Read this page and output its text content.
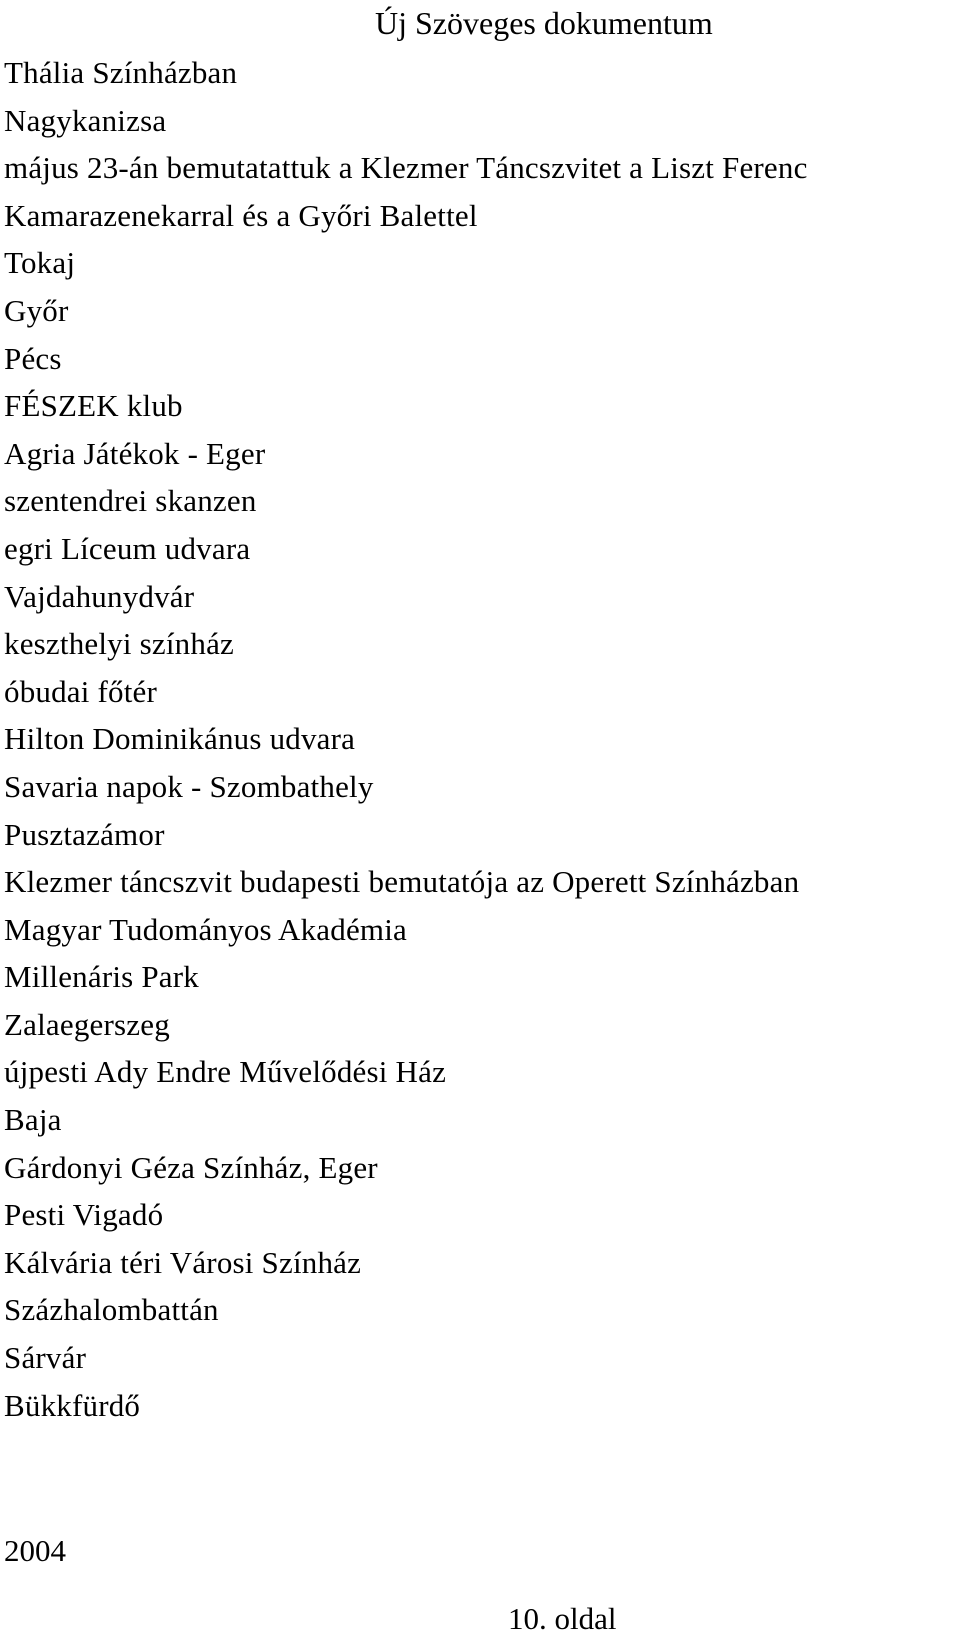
Új Szöveges dokumentum
Thália Színházban
Nagykanizsa
május 23-án bemutatattuk a Klezmer Táncszvitet a Liszt Ferenc
Kamarazenekarral és a Győri Balettel
Tokaj
Győr
Pécs
FÉSZEK klub
Agria Játékok - Eger
szentendrei skanzen
egri Líceum udvara
Vajdahunydvár
keszthelyi színház
óbudai főtér
Hilton Dominikánus udvara
Savaria napok - Szombathely
Pusztazámor
Klezmer táncszvit budapesti bemutatója az Operett Színházban
Magyar Tudományos Akadémia
Millenáris Park
Zalaegerszeg
újpesti Ady Endre Művelődési Ház
Baja
Gárdonyi Géza Színház, Eger
Pesti Vigadó
Kálvária téri Városi Színház
Százhalombattán
Sárvár
Bükkfürdő
2004
10. oldal
